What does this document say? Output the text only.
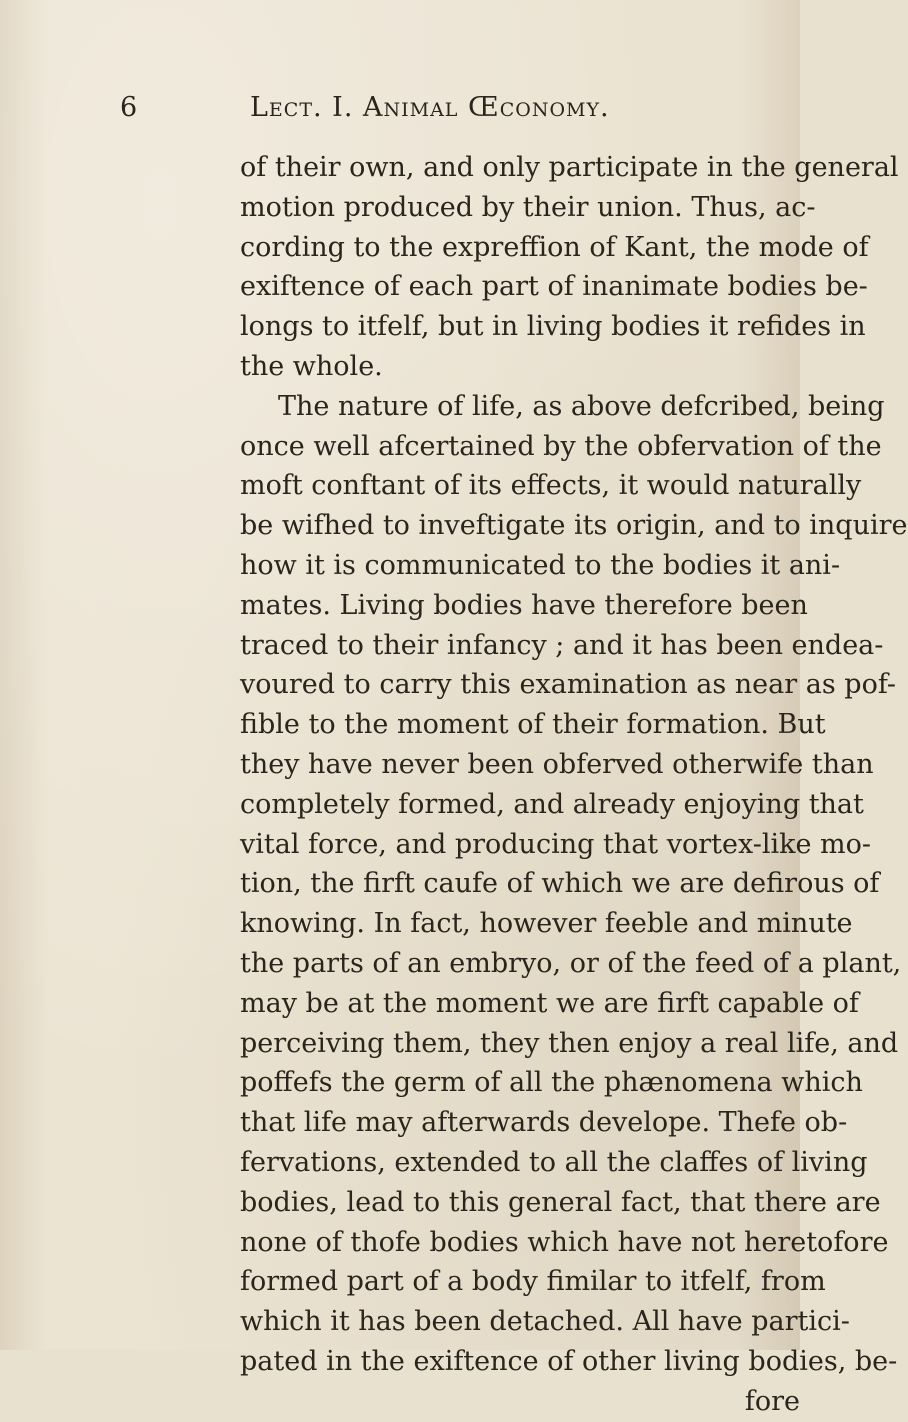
6	Lect. I. Animal Œconomy.
of their own, and only participate in the general
motion produced by their union. Thus, ac-
cording to the expreffion of Kant, the mode of
exiftence of each part of inanimate bodies be-
longs to itfelf, but in living bodies it refides in
the whole.
The nature of life, as above defcribed, being
once well afcertained by the obfervation of the
moft conftant of its effects, it would naturally
be wifhed to inveftigate its origin, and to inquire
how it is communicated to the bodies it ani-
mates. Living bodies have therefore been
traced to their infancy ; and it has been endea-
voured to carry this examination as near as pof-
fible to the moment of their formation. But
they have never been obferved otherwife than
completely formed, and already enjoying that
vital force, and producing that vortex-like mo-
tion, the firft caufe of which we are defirous of
knowing. In fact, however feeble and minute
the parts of an embryo, or of the feed of a plant,
may be at the moment we are firft capable of
perceiving them, they then enjoy a real life, and
poffefs the germ of all the phænomena which
that life may afterwards develope. Thefe ob-
fervations, extended to all the claffes of living
bodies, lead to this general fact, that there are
none of thofe bodies which have not heretofore
formed part of a body fimilar to itfelf, from
which it has been detached. All have partici-
pated in the exiftence of other living bodies, be-
fore
